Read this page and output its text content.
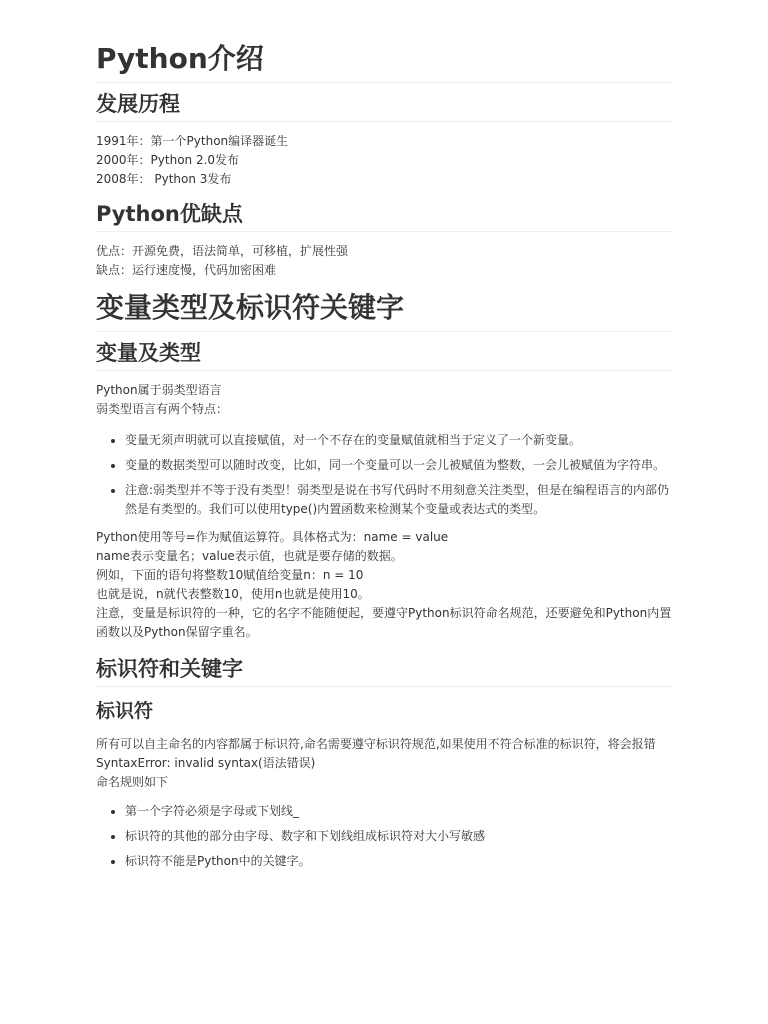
Python介绍
发展历程

1991年：第一个Python编译器诞生

2000年：Python 2.0发布

2008年： Python 3发布

Python优缺点

优点：开源免费，语法简单，可移植，扩展性强

缺点：运行速度慢，代码加密困难

变量类型及标识符关键字
变量及类型

Python属于弱类型语言

弱类型语言有两个特点：

• 变量无须声明就可以直接赋值，对一个不存在的变量赋值就相当于定义了一个新变量。
• 变量的数据类型可以随时改变，比如，同一个变量可以一会儿被赋值为整数，一会儿被赋值为字符串。
• 注意:弱类型并不等于没有类型！弱类型是说在书写代码时不用刻意关注类型，但是在编程语言的内部仍然是有类型的。我们可以使用type()内置函数来检测某个变量或表达式的类型。

Python使用等号=作为赋值运算符。具体格式为：name = value

name表示变量名；value表示值，也就是要存储的数据。

例如，下面的语句将整数10赋值给变量n：n = 10

也就是说，n就代表整数10，使用n也就是使用10。

注意，变量是标识符的一种，它的名字不能随便起，要遵守Python标识符命名规范，还要避免和Python内置函数以及Python保留字重名。

标识符和关键字
标识符

所有可以自主命名的内容都属于标识符,命名需要遵守标识符规范,如果使用不符合标准的标识符，将会报错SyntaxError: invalid syntax(语法错误)

命名规则如下

• 第一个字符必须是字母或下划线_
• 标识符的其他的部分由字母、数字和下划线组成标识符对大小写敏感
• 标识符不能是Python中的关键字。
